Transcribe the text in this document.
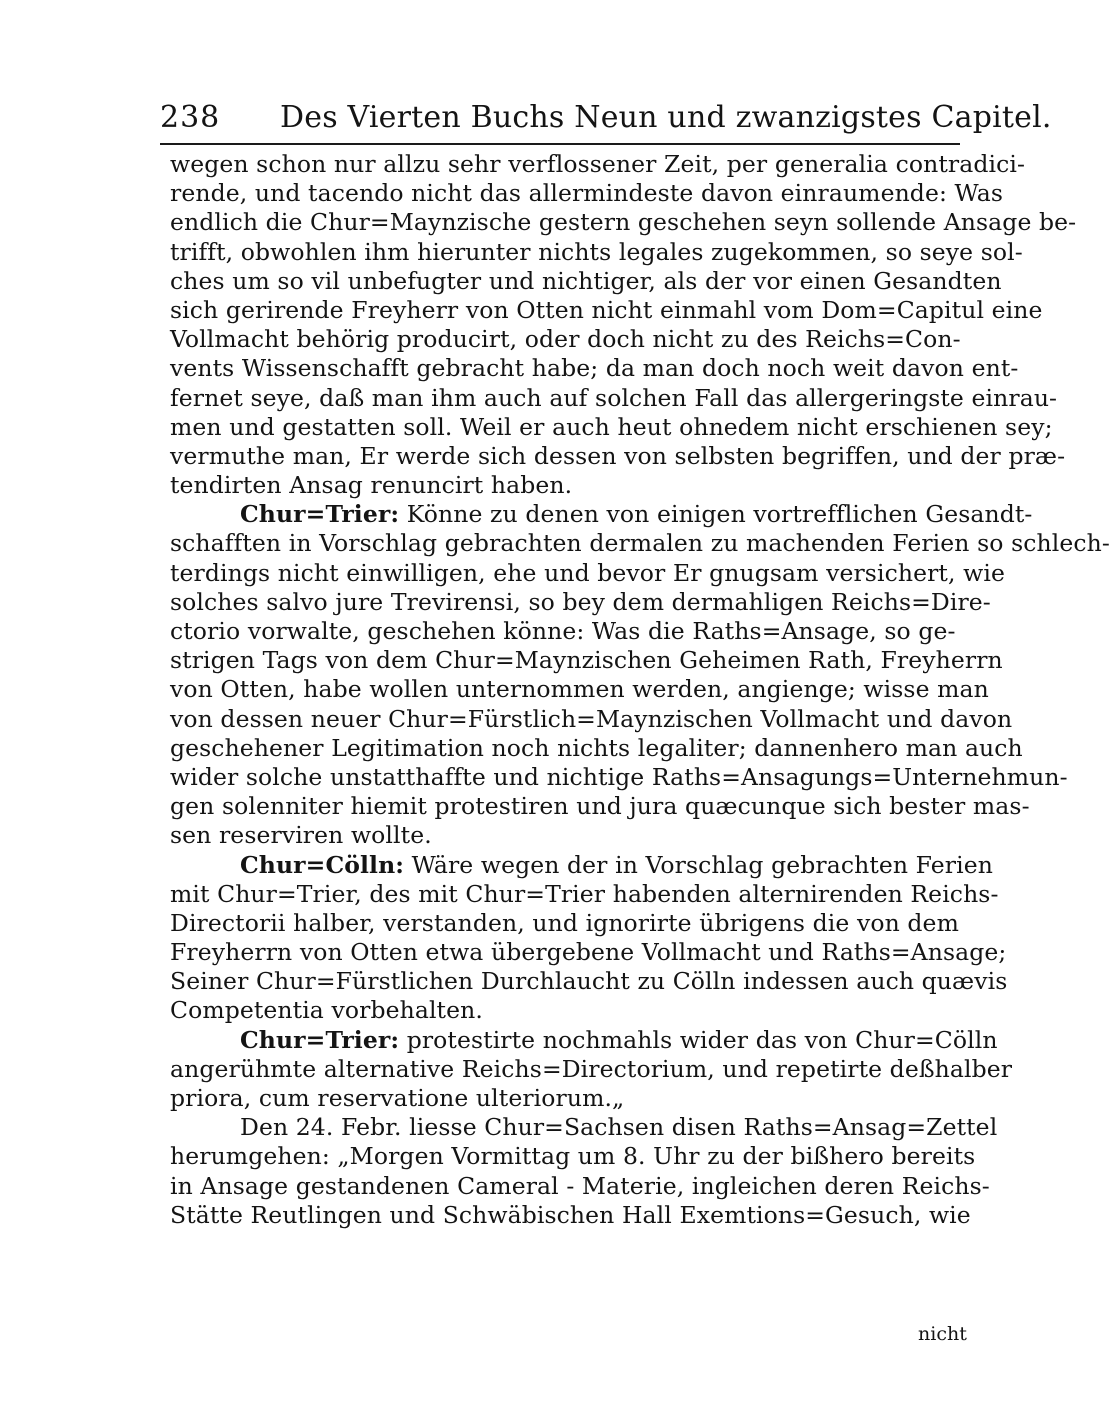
238 Des Vierten Buchs Neun und zwanzigstes Capitel.
wegen schon nur allzu sehr verflossener Zeit, per generalia contradici-
rende, und tacendo nicht das allermindeste davon einraumende: Was
endlich die Chur=Maynzische gestern geschehen seyn sollende Ansage be-
trifft, obwohlen ihm hierunter nichts legales zugekommen, so seye sol-
ches um so vil unbefugter und nichtiger, als der vor einen Gesandten
sich gerirende Freyherr von Otten nicht einmahl vom Dom=Capitul eine
Vollmacht behörig producirt, oder doch nicht zu des Reichs=Con-
vents Wissenschafft gebracht habe; da man doch noch weit davon ent-
fernet seye, daß man ihm auch auf solchen Fall das allergeringste einrau-
men und gestatten soll. Weil er auch heut ohnedem nicht erschienen sey;
vermuthe man, Er werde sich dessen von selbsten begriffen, und der præ-
tendirten Ansag renuncirt haben.
Chur=Trier: Könne zu denen von einigen vortrefflichen Gesandt-
schafften in Vorschlag gebrachten dermalen zu machenden Ferien so schlech-
terdings nicht einwilligen, ehe und bevor Er gnugsam versichert, wie
solches salvo jure Trevirensi, so bey dem dermahligen Reichs=Dire-
ctorio vorwalte, geschehen könne: Was die Raths=Ansage, so ge-
strigen Tags von dem Chur=Maynzischen Geheimen Rath, Freyherrn
von Otten, habe wollen unternommen werden, angienge; wisse man
von dessen neuer Chur=Fürstlich=Maynzischen Vollmacht und davon
geschehener Legitimation noch nichts legaliter; dannenhero man auch
wider solche unstatthaffte und nichtige Raths=Ansagungs=Unternehmun-
gen solenniter hiemit protestiren und jura quæcunque sich bester mas-
sen reserviren wollte.
Chur=Cölln: Wäre wegen der in Vorschlag gebrachten Ferien
mit Chur=Trier, des mit Chur=Trier habenden alternirenden Reichs-
Directorii halber, verstanden, und ignorirte übrigens die von dem
Freyherrn von Otten etwa übergebene Vollmacht und Raths=Ansage;
Seiner Chur=Fürstlichen Durchlaucht zu Cölln indessen auch quævis
Competentia vorbehalten.
Chur=Trier: protestirte nochmahls wider das von Chur=Cölln
angerühmte alternative Reichs=Directorium, und repetirte deßhalber
priora, cum reservatione ulteriorum.„
Den 24. Febr. liesse Chur=Sachsen disen Raths=Ansag=Zettel
herumgehen: „Morgen Vormittag um 8. Uhr zu der bißhero bereits
in Ansage gestandenen Cameral - Materie, ingleichen deren Reichs-
Stätte Reutlingen und Schwäbischen Hall Exemtions=Gesuch, wie
nicht
